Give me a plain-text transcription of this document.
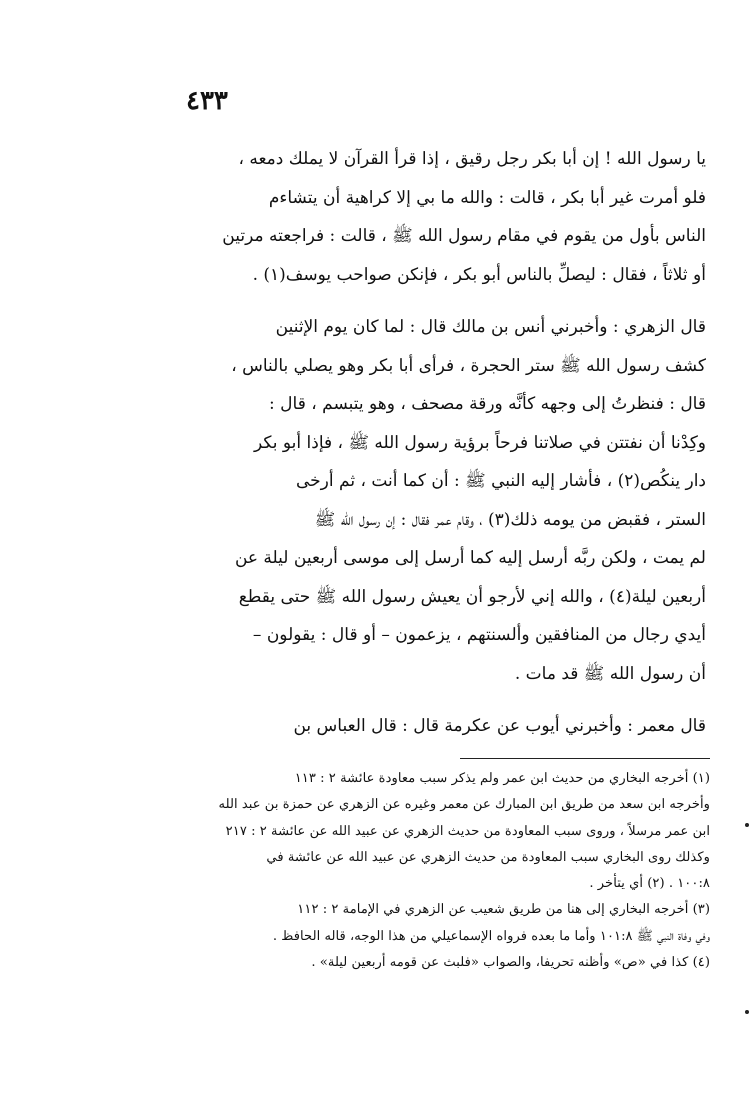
٤٣٣
يا رسول الله ! إن أبا بكر رجل رقيق ، إذا قرأ القرآن لا يملك دمعه ،
فلو أمرت غير أبا بكر ، قالت : والله ما بي إلا كراهية أن يتشاءم
الناس بأول من يقوم في مقام رسول الله ﷺ ، قالت : فراجعته مرتين
أو ثلاثاً ، فقال : ليصلِّ بالناس أبو بكر ، فإنكن صواحب يوسف(١) .
قال الزهري : وأخبرني أنس بن مالك قال : لما كان يوم الإثنين
كشف رسول الله ﷺ ستر الحجرة ، فرأى أبا بكر وهو يصلي بالناس ،
قال : فنظرتُ إلى وجهه كأنَّه ورقة مصحف ، وهو يتبسم ، قال :
وكِدْنا أن نفتتن في صلاتنا فرحاً برؤية رسول الله ﷺ ، فإذا أبو بكر
دار ينكُص(٢) ، فأشار إليه النبي ﷺ : أن كما أنت ، ثم أرخى
الستر ، فقبض من يومه ذلك(٣) ، وقام عمر فقال : إن رسول الله ﷺ
لم يمت ، ولكن ربَّه أرسل إليه كما أرسل إلى موسى أربعين ليلة عن
أربعين ليلة(٤) ، والله إني لأرجو أن يعيش رسول الله ﷺ حتى يقطع
أيدي رجال من المنافقين وألسنتهم ، يزعمون – أو قال : يقولون –
أن رسول الله ﷺ قد مات .
قال معمر : وأخبرني أيوب عن عكرمة قال : قال العباس بن
(١) أخرجه البخاري من حديث ابن عمر ولم يذكر سبب معاودة عائشة ٢ : ١١٣
وأخرجه ابن سعد من طريق ابن المبارك عن معمر وغيره عن الزهري عن حمزة بن عبد الله
ابن عمر مرسلاً ، وروى سبب المعاودة من حديث الزهري عن عبيد الله عن عائشة ٢ : ٢١٧
وكذلك روى البخاري سبب المعاودة من حديث الزهري عن عبيد الله عن عائشة في
١٠٠:٨ . (٢) أي يتأخر .
(٣) أخرجه البخاري إلى هنا من طريق شعيب عن الزهري في الإمامة ٢ : ١١٢
وفي وفاة النبي ﷺ ١٠١:٨ وأما ما بعده فرواه الإسماعيلي من هذا الوجه، قاله الحافظ .
(٤) كذا في «ص» وأظنه تحريفا، والصواب «فلبث عن قومه أربعين ليلة» .
